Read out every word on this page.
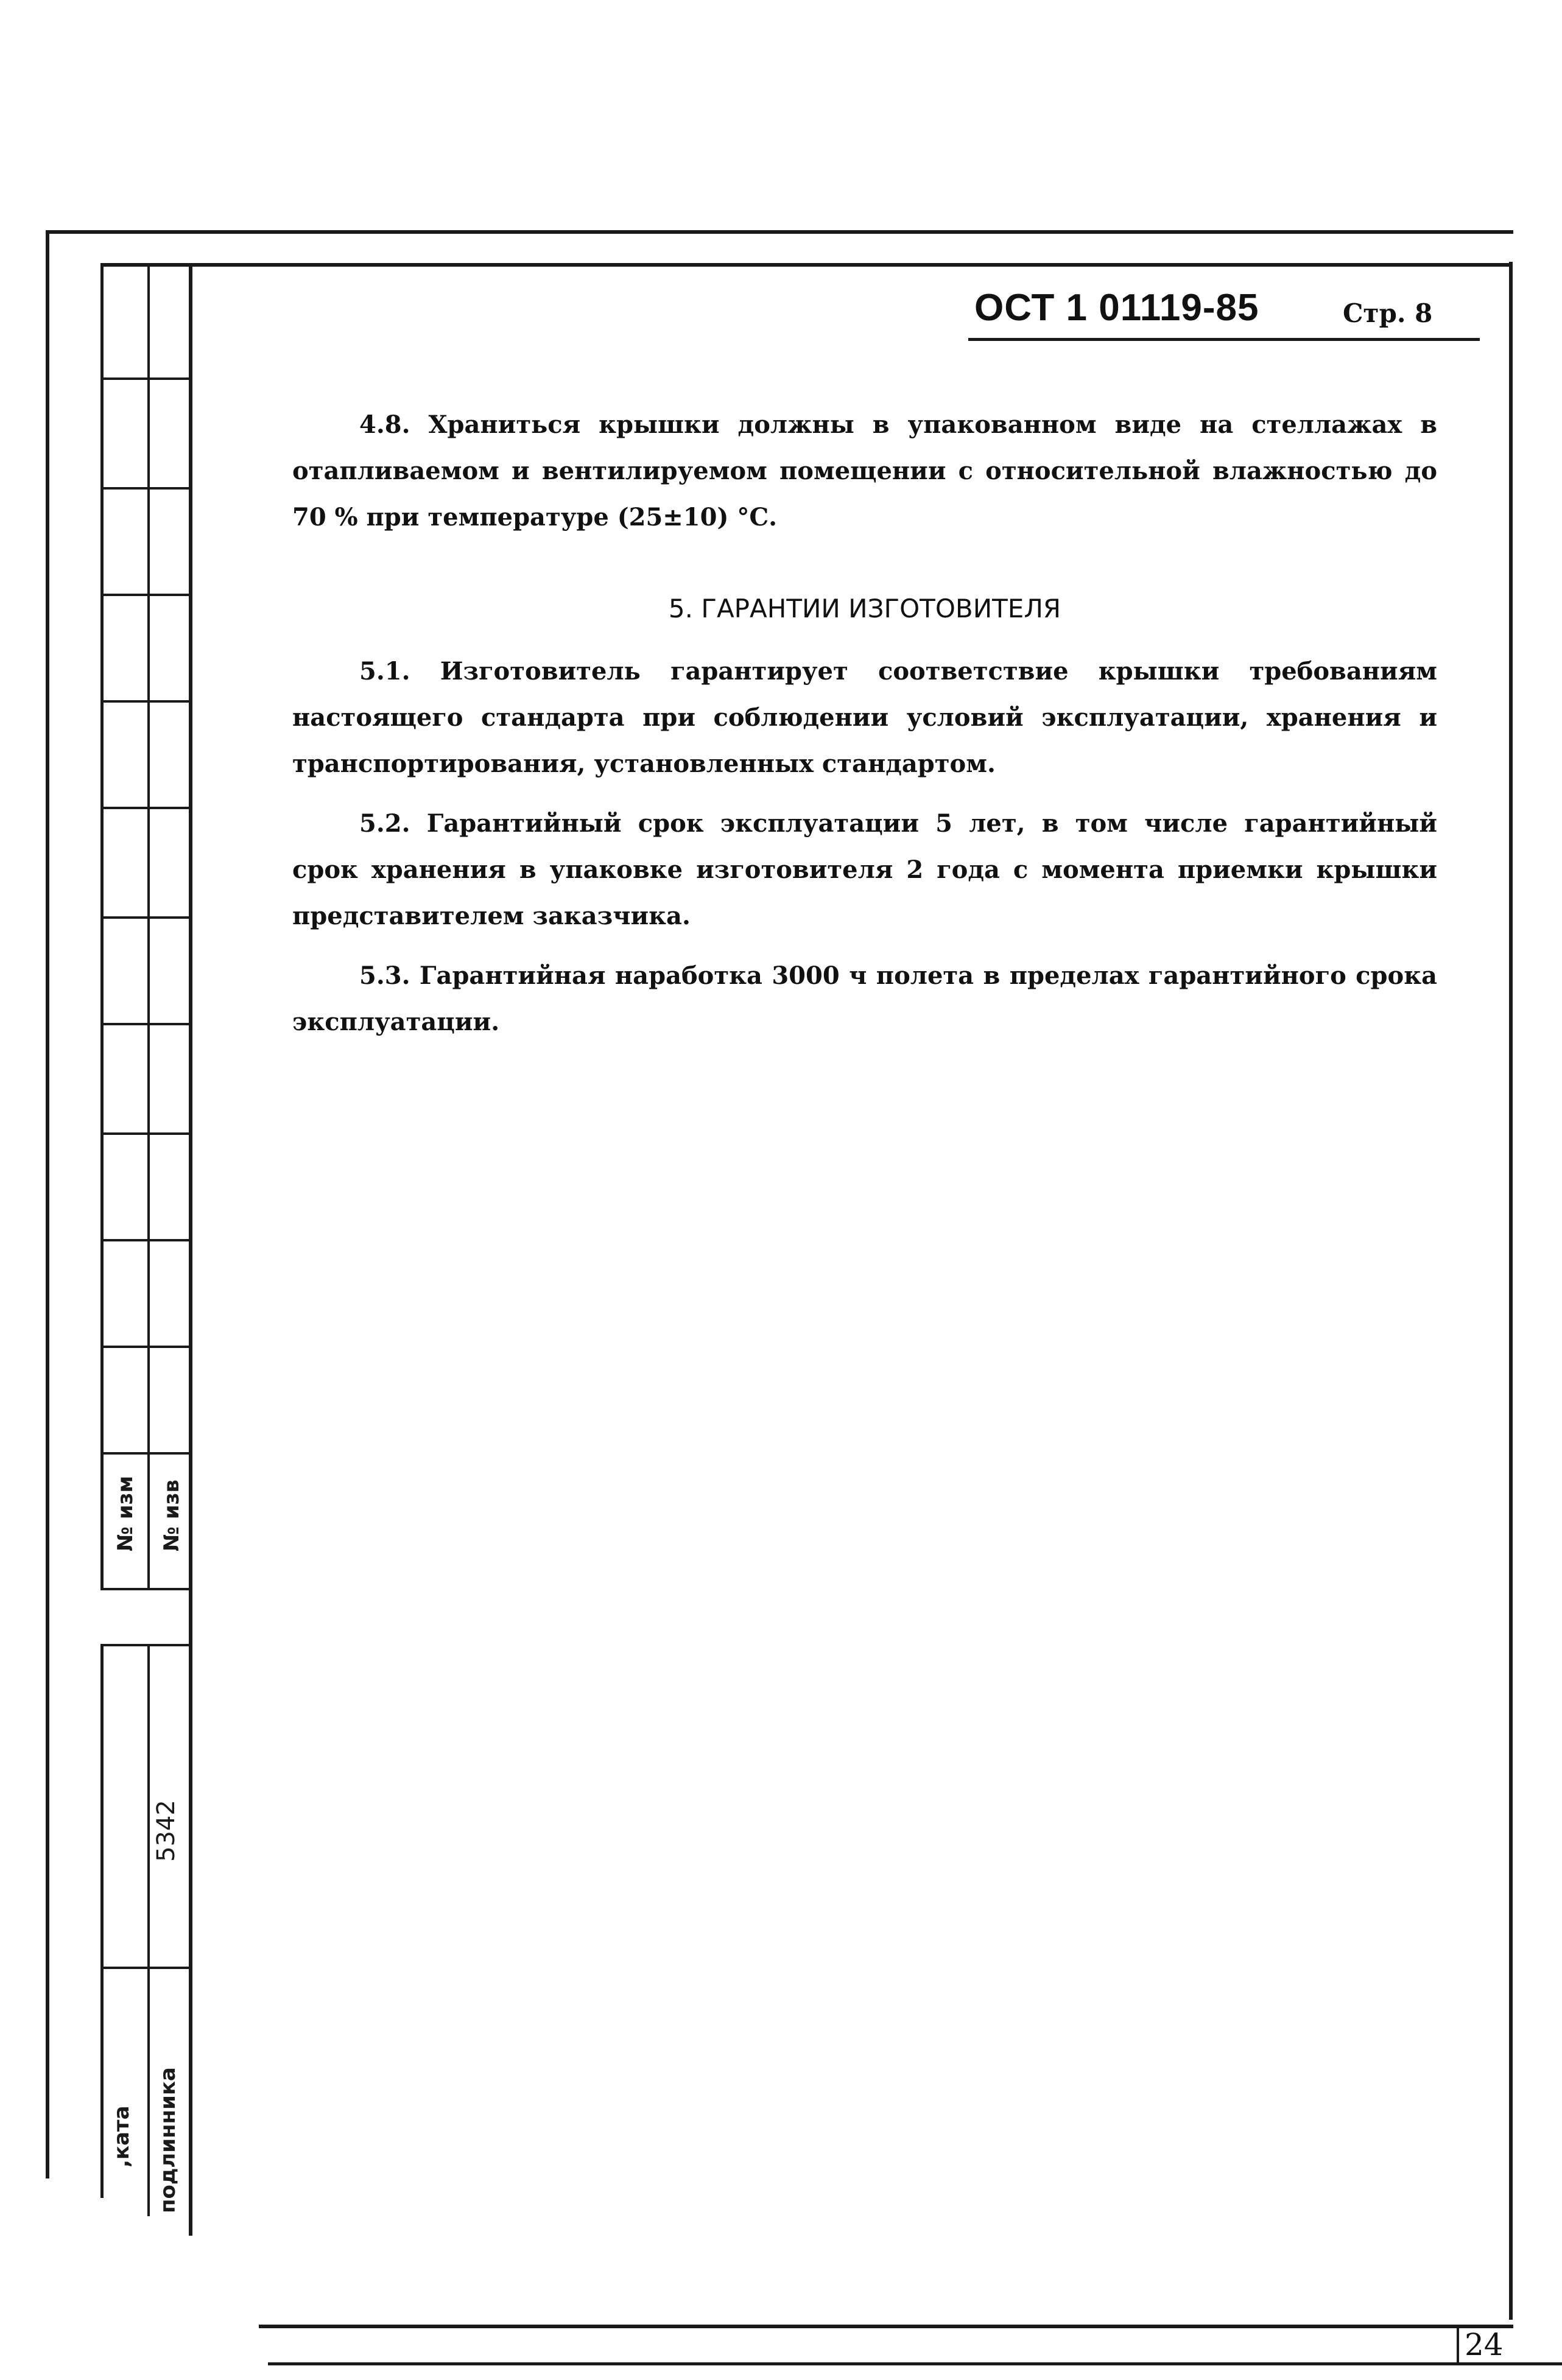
№ изм № изв
5342
,ката подлинника
ОСТ 1 01119-85	Стр. 8

4.8. Храниться крышки должны в упакованном виде на стеллажах в отапливаемом и вентилируемом помещении с относительной влажностью до 70 % при температуре (25±10) °С.

5. ГАРАНТИИ ИЗГОТОВИТЕЛЯ

5.1. Изготовитель гарантирует соответствие крышки требованиям настоящего стандарта при соблюдении условий эксплуатации, хранения и транспортирования, установленных стандартом.

5.2. Гарантийный срок эксплуатации 5 лет, в том числе гарантийный срок хранения в упаковке изготовителя 2 года с момента приемки крышки представителем заказчика.

5.3. Гарантийная наработка 3000 ч полета в пределах гарантийного срока эксплуатации.

24
